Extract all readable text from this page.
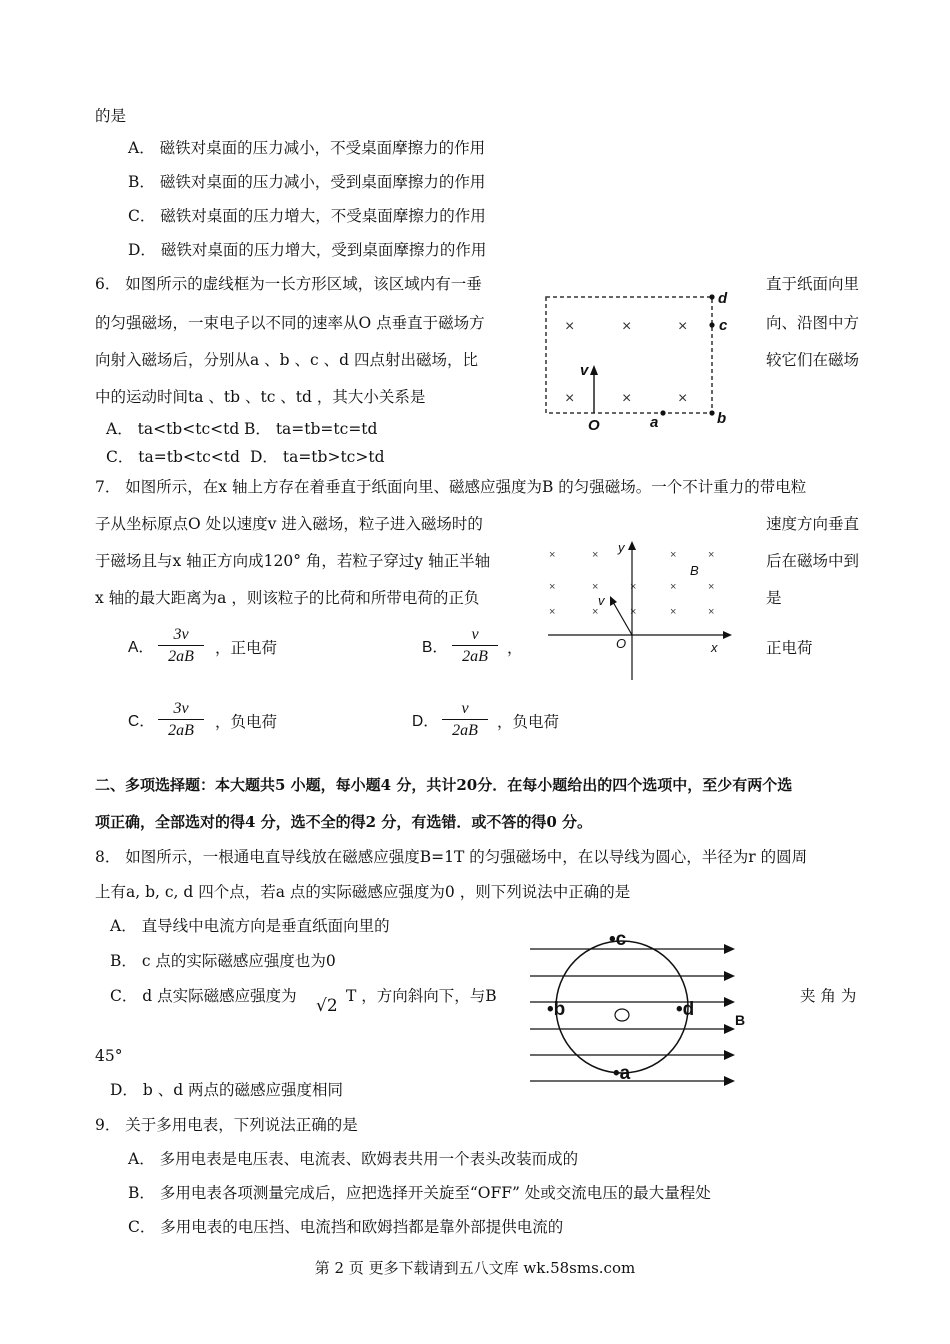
的是
A． 磁铁对桌面的压力减小，不受桌面摩擦力的作用
B． 磁铁对桌面的压力减小，受到桌面摩擦力的作用
C． 磁铁对桌面的压力增大，不受桌面摩擦力的作用
D． 磁铁对桌面的压力增大，受到桌面摩擦力的作用
6． 如图所示的虚线框为一长方形区域，该区域内有一垂	直于纸面向里
的匀强磁场，一束电子以不同的速率从O 点垂直于磁场方	向、沿图中方
向射入磁场后，分别从a 、b 、c 、d 四点射出磁场，比	较它们在磁场
中的运动时间ta 、tb 、tc 、td ，其大小关系是
A． ta<tb<tc<td B． ta=tb=tc=td
C． ta=tb<tc<td D． ta=tb>tc>td
×	×	×
×	×	×
d
c
b
a
O
v
7． 如图所示，在x 轴上方存在着垂直于纸面向里、磁感应强度为B 的匀强磁场。一个不计重力的带电粒
子从坐标原点O 处以速度v 进入磁场，粒子进入磁场时的	速度方向垂直
于磁场且与x 轴正方向成120° 角，若粒子穿过y 轴正半轴	后在磁场中到
x 轴的最大距离为a ，则该粒子的比荷和所带电荷的正负	是
×	×	×	×
×	×	×	×	×
×	×	×	×	×
y
x
O
v
B
A． $\frac{3v}{2aB}$ ，正电荷	B． $\frac{v}{2aB}$ ，	正电荷
C． $\frac{3v}{2aB}$ ，负电荷	D． $\frac{v}{2aB}$ ，负电荷
二、多项选择题：本大题共5 小题，每小题4 分，共计20分．在每小题给出的四个选项中，至少有两个选
项正确，全部选对的得4 分，选不全的得2 分，有选错．或不答的得0 分。
8． 如图所示，一根通电直导线放在磁感应强度B=1T 的匀强磁场中，在以导线为圆心，半径为r 的圆周
上有a, b, c, d 四个点，若a 点的实际磁感应强度为0 ，则下列说法中正确的是
A． 直导线中电流方向是垂直纸面向里的
B． c 点的实际磁感应强度也为0
C． d 点实际磁感应强度为 √2 T ，方向斜向下，与B	夹 角 为
45°
D． b 、d 两点的磁感应强度相同
•c
•b	•d
•a
B
9． 关于多用电表，下列说法正确的是
A． 多用电表是电压表、电流表、欧姆表共用一个表头改装而成的
B． 多用电表各项测量完成后，应把选择开关旋至“OFF” 处或交流电压的最大量程处
C． 多用电表的电压挡、电流挡和欧姆挡都是靠外部提供电流的
第 2 页 更多下载请到五八文库 wk.58sms.com
